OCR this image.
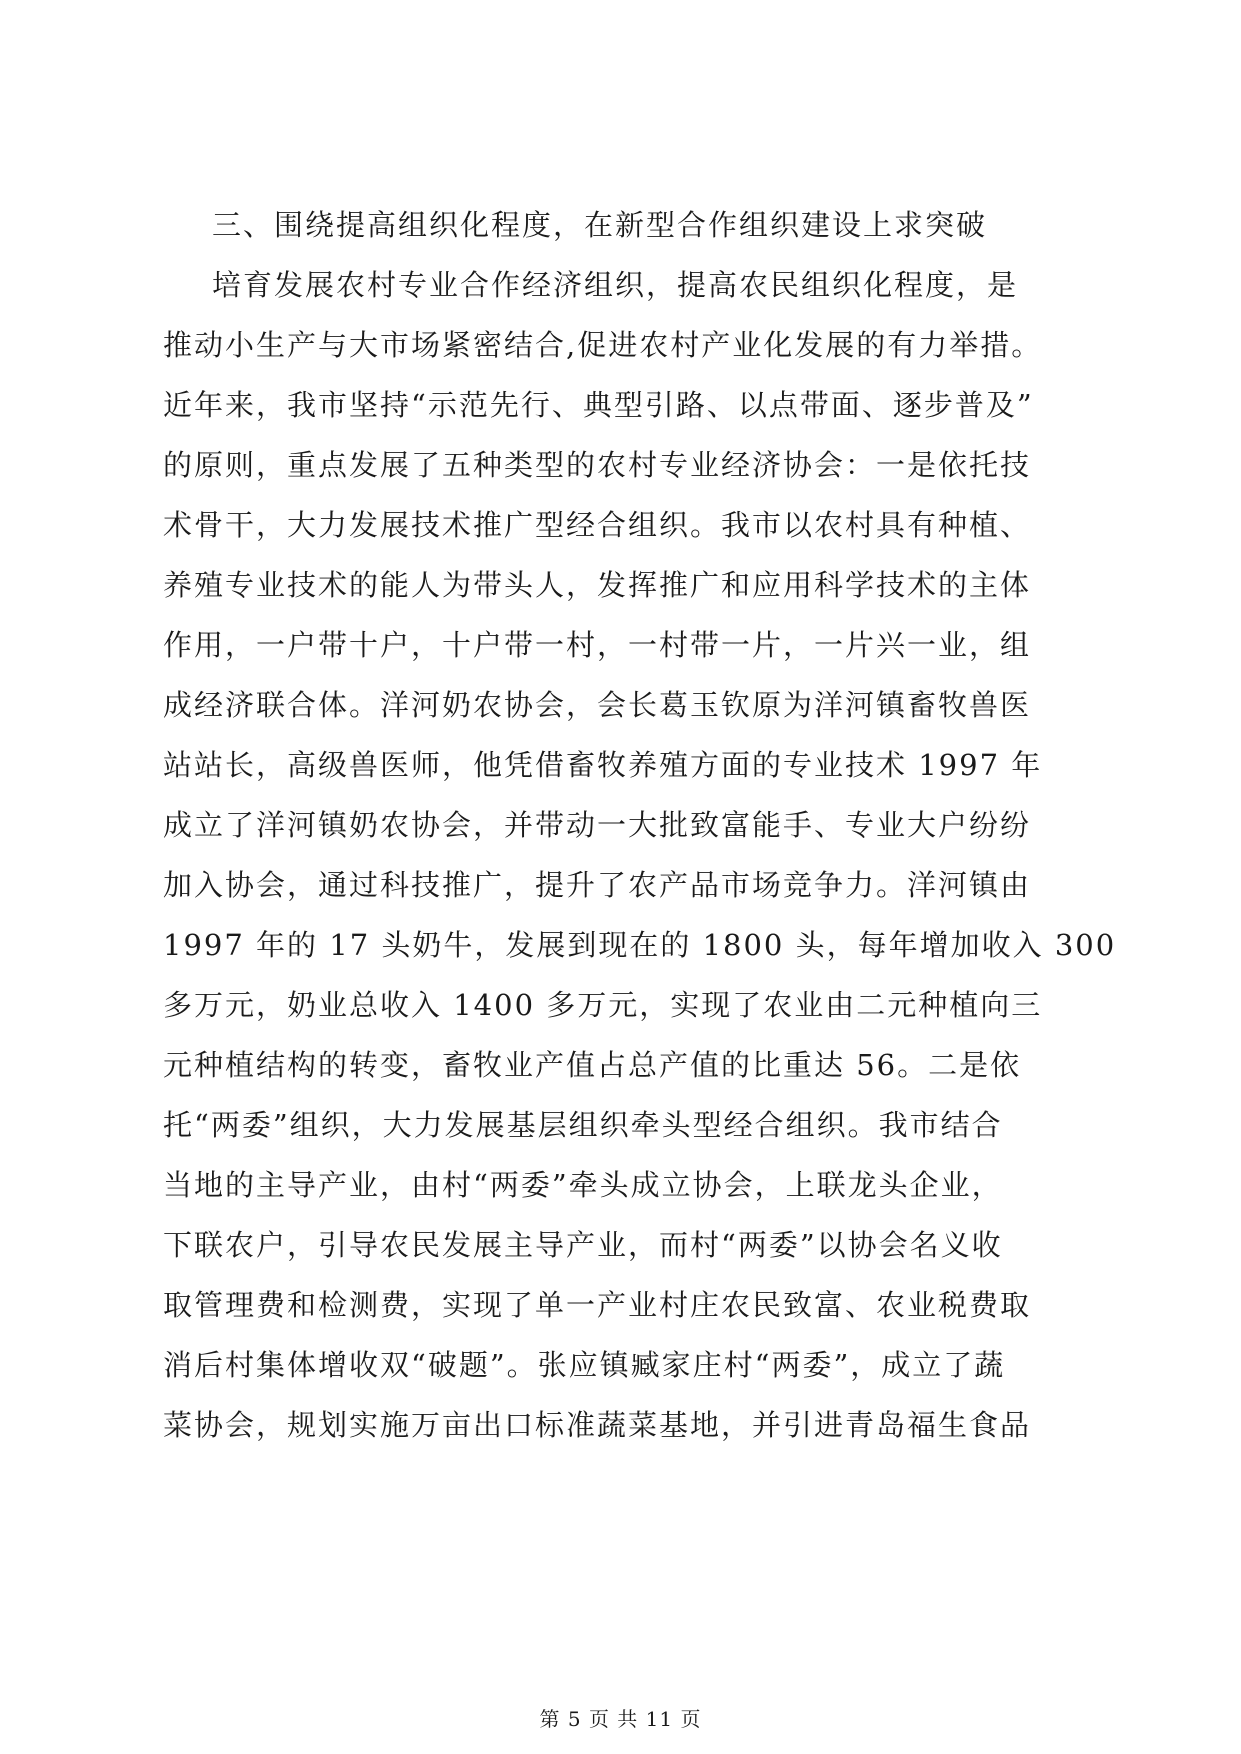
三、围绕提高组织化程度，在新型合作组织建设上求突破
培育发展农村专业合作经济组织，提高农民组织化程度，是
推动小生产与大市场紧密结合,促进农村产业化发展的有力举措。
近年来，我市坚持“示范先行、典型引路、以点带面、逐步普及”
的原则，重点发展了五种类型的农村专业经济协会：一是依托技
术骨干，大力发展技术推广型经合组织。我市以农村具有种植、
养殖专业技术的能人为带头人，发挥推广和应用科学技术的主体
作用，一户带十户，十户带一村，一村带一片，一片兴一业，组
成经济联合体。洋河奶农协会，会长葛玉钦原为洋河镇畜牧兽医
站站长，高级兽医师，他凭借畜牧养殖方面的专业技术 1997 年
成立了洋河镇奶农协会，并带动一大批致富能手、专业大户纷纷
加入协会，通过科技推广，提升了农产品市场竞争力。洋河镇由
1997 年的 17 头奶牛，发展到现在的 1800 头，每年增加收入 300
多万元，奶业总收入 1400 多万元，实现了农业由二元种植向三
元种植结构的转变，畜牧业产值占总产值的比重达 56。二是依
托“两委”组织，大力发展基层组织牵头型经合组织。我市结合
当地的主导产业，由村“两委”牵头成立协会，上联龙头企业，
下联农户，引导农民发展主导产业，而村“两委”以协会名义收
取管理费和检测费，实现了单一产业村庄农民致富、农业税费取
消后村集体增收双“破题”。张应镇臧家庄村“两委”，成立了蔬
菜协会，规划实施万亩出口标准蔬菜基地，并引进青岛福生食品
第 5 页 共 11 页
